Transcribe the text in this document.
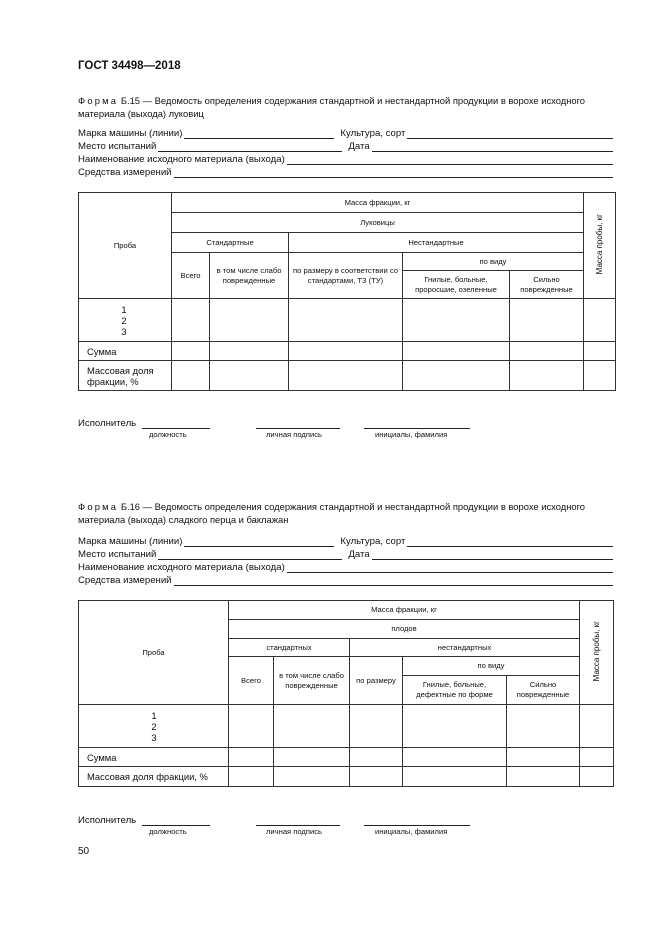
ГОСТ 34498—2018
Форма Б.15 — Ведомость определения содержания стандартной и нестандартной продукции в ворохе исходного материала (выхода) луковиц
Марка машины (линии)	Культура, сорт
Место испытаний	Дата
Наименование исходного материала (выхода)
Средства измерений
Проба	Масса фракции, кг					Масса пробы, кг
	Луковицы					
	Стандартные		Нестандартные			
	Всего	в том числе слабо поврежденные	по размеру в соответствии со стандартами, ТЗ (ТУ)	по виду		
				Гнилые, больные, проросшие, озеленные	Сильно поврежденные	

1
2
3						

Сумма						
Массовая доля фракции, %						
Исполнитель
должность	личная подпись	инициалы, фамилия
Форма Б.16 — Ведомость определения содержания стандартной и нестандартной продукции в ворохе исходного материала (выхода) сладкого перца и баклажан
Марка машины (линии)	Культура, сорт
Место испытаний	Дата
Наименование исходного материала (выхода)
Средства измерений
Проба	Масса фракции, кг					Масса пробы, кг
	плодов					
	стандартных		нестандартных			
	Всего	в том числе слабо поврежденные	по размеру	по виду		
				Гнилые, больные, дефектные по форме	Сильно поврежденные	

1
2
3						

Сумма						
Массовая доля фракции, %						
Исполнитель
должность	личная подпись	инициалы, фамилия
50
